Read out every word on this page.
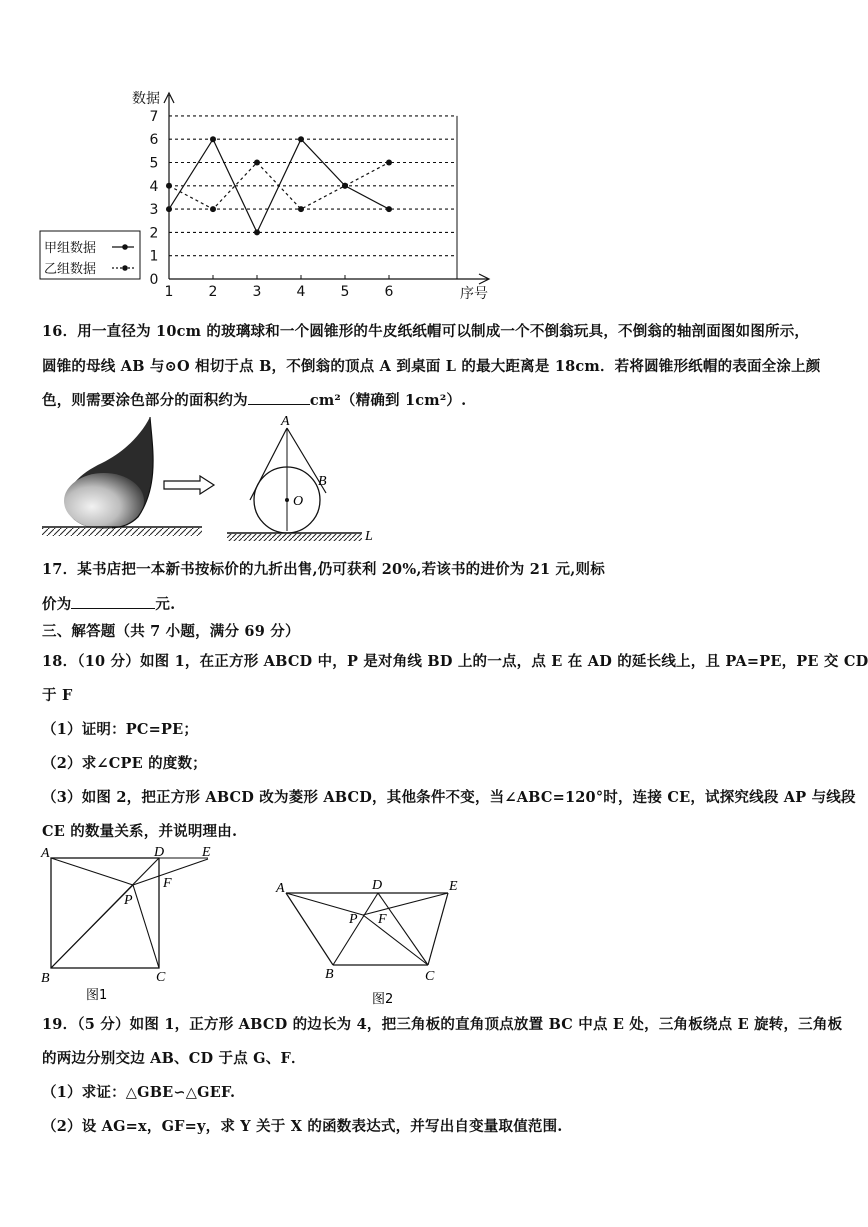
0
1
2
3
4
5
6
7
1	2	3	4	5	6
数据
序号
甲组数据
乙组数据
16．用一直径为 10cm 的玻璃球和一个圆锥形的牛皮纸纸帽可以制成一个不倒翁玩具，不倒翁的轴剖面图如图所示，
圆锥的母线 AB 与⊙O 相切于点 B，不倒翁的顶点 A 到桌面 L 的最大距离是 18cm．若将圆锥形纸帽的表面全涂上颜
色，则需要涂色部分的面积约为	cm²（精确到 1cm²）.
A
B
O
L
17．某书店把一本新书按标价的九折出售,仍可获利 20%,若该书的进价为 21 元,则标
价为	元.
三、解答题（共 7 小题，满分 69 分）
18．（10 分）如图 1，在正方形 ABCD 中，P 是对角线 BD 上的一点，点 E 在 AD 的延长线上，且 PA=PE，PE 交 CD
于 F
（1）证明：PC=PE；
（2）求∠CPE 的度数；
（3）如图 2，把正方形 ABCD 改为菱形 ABCD，其他条件不变，当∠ABC=120°时，连接 CE，试探究线段 AP 与线段
CE 的数量关系，并说明理由.
A	D	E
F
P
B	C
图1
A	D	E
P F
B	C
图2
19．（5 分）如图 1，正方形 ABCD 的边长为 4，把三角板的直角顶点放置 BC 中点 E 处，三角板绕点 E 旋转，三角板
的两边分别交边 AB、CD 于点 G、F．
（1）求证：△GBE∽△GEF.
（2）设 AG=x，GF=y，求 Y 关于 X 的函数表达式，并写出自变量取值范围.
